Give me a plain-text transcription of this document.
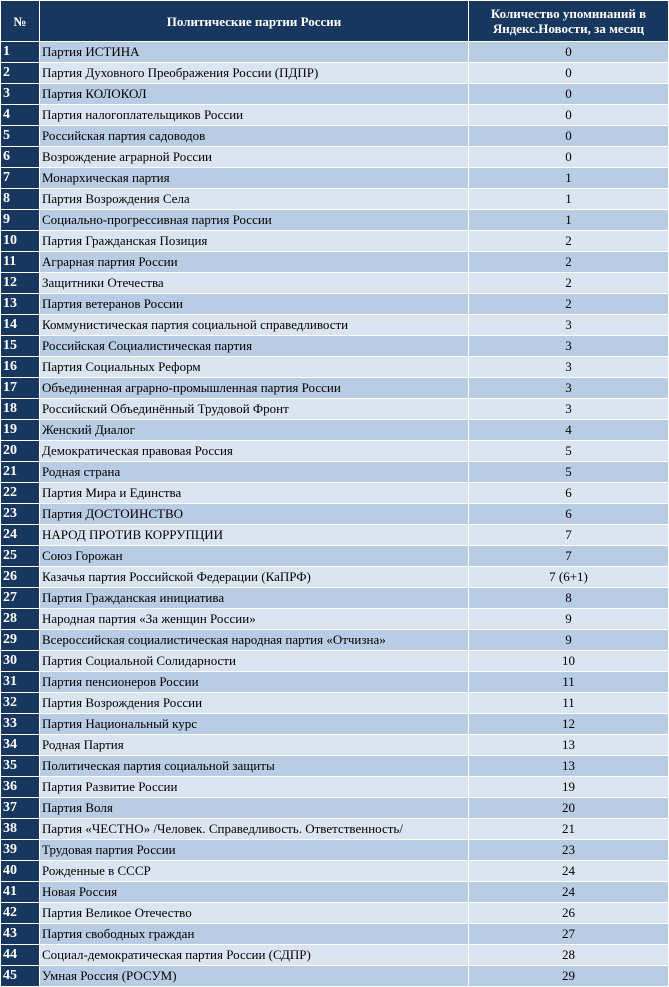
№	Политические партии России	Количество упоминаний в
Яндекс.Новости, за месяц
1	Партия ИСТИНА	0
2	Партия Духовного Преображения России (ПДПР)	0
3	Партия КОЛОКОЛ	0
4	Партия налогоплательщиков России	0
5	Российская партия садоводов	0
6	Возрождение аграрной России	0
7	Монархическая партия	1
8	Партия Возрождения Села	1
9	Социально-прогрессивная партия России	1
10	Партия Гражданская Позиция	2
11	Аграрная партия России	2
12	Защитники Отечества	2
13	Партия ветеранов России	2
14	Коммунистическая партия социальной справедливости	3
15	Российская Социалистическая партия	3
16	Партия Социальных Реформ	3
17	Объединенная аграрно-промышленная партия России	3
18	Российский Объединённый Трудовой Фронт	3
19	Женский Диалог	4
20	Демократическая правовая Россия	5
21	Родная страна	5
22	Партия Мира и Единства	6
23	Партия ДОСТОИНСТВО	6
24	НАРОД ПРОТИВ КОРРУПЦИИ	7
25	Союз Горожан	7
26	Казачья партия Российской Федерации (КаПРФ)	7 (6+1)
27	Партия Гражданская инициатива	8
28	Народная партия «За женщин России»	9
29	Всероссийская социалистическая народная партия «Отчизна»	9
30	Партия Социальной Солидарности	10
31	Партия пенсионеров России	11
32	Партия Возрождения России	11
33	Партия Национальный курс	12
34	Родная Партия	13
35	Политическая партия социальной защиты	13
36	Партия Развитие России	19
37	Партия Воля	20
38	Партия «ЧЕСТНО» /Человек. Справедливость. Ответственность/	21
39	Трудовая партия России	23
40	Рожденные в СССР	24
41	Новая Россия	24
42	Партия Великое Отечество	26
43	Партия свободных граждан	27
44	Социал-демократическая партия России (СДПР)	28
45	Умная Россия (РОСУМ)	29
